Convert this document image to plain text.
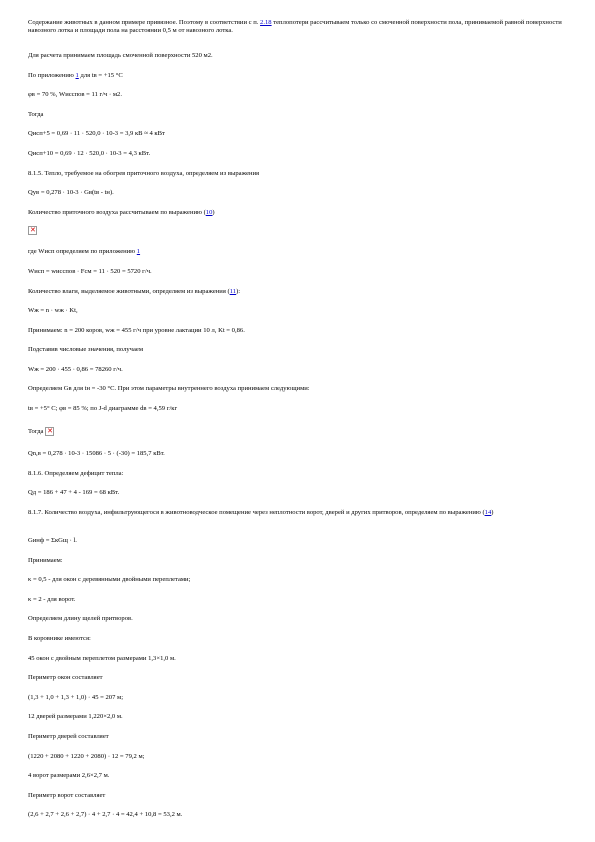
Содержание животных в данном примере привязное. Поэтому в соответствии с п. 2.18 теплопотери рассчитываем только со смоченной поверхности пола, принимаемой равной поверхности навозного лотка и площади пола на расстоянии 0,5 м от навозного лотка.
Для расчета принимаем площадь смоченной поверхности 520 м2.
По приложению 1 для tв = +15 °С
φв = 70 %, Wисспов = 11 г/ч · м2.
Тогда
Qисп+5 = 0,69 · 11 · 520,0 · 10-3 = 3,9 кВ ≈ 4 кВт
Qисп+10 = 0,69 · 12 · 520,0 · 10-3 = 4,3 кВт.
8.1.5. Тепло, требуемое на обогрев приточного воздуха, определяем из выражения
Qув = 0,278 · 10-3 · Gв(tв - tн).
Количество приточного воздуха рассчитываем по выражению (10)
✕
где Wисп определяем по приложению 1
Wисп = wисспов · Fсм = 11 · 520 = 5720 г/ч.
Количество влаги, выделяемое животными, определяем из выражения (11):
Wж = n · wж · Kt,
Принимаем: n = 200 коров, wж = 455 г/ч при уровне лактации 10 л, Kt = 0,86.
Подставив числовые значения, получаем
Wж = 200 · 455 · 0,86 = 78260 г/ч.
Определяем Gв для tн = -30 °С. При этом параметры внутреннего воздуха принимаем следующими:
tв = +5° С; φв = 85 %; по J-d диаграмме dв = 4,59 г/кг
Тогда ✕
Qn,в = 0,278 · 10-3 · 15086 · 5 · (-30) = 185,7 кВт.
8.1.6. Определяем дефицит тепла:
Qд = 186 + 47 + 4 - 169 = 68 кВт.
8.1.7. Количество воздуха, инфильтрующегося в животноводческое помещение через неплотности ворот, дверей и других притворов, определяем по выражению (14)
Gинф = ΣкGщ · l.
Принимаем:
κ = 0,5 - для окон с деревянными двойными переплетами;
κ = 2 - для ворот.
Определяем длину щелей притворов.
В коровнике имеются:
45 окон с двойным переплетом размерами 1,3×1,0 м.
Периметр окон составляет
(1,3 + 1,0 + 1,3 + 1,0) · 45 = 207 м;
12 дверей размерами 1,220×2,0 м.
Периметр дверей составляет
(1220 + 2080 + 1220 + 2080) · 12 = 79,2 м;
4 ворот размерами 2,6×2,7 м.
Периметр ворот составляет
(2,6 + 2,7 + 2,6 + 2,7) · 4 + 2,7 · 4 = 42,4 + 10,8 = 53,2 м.
